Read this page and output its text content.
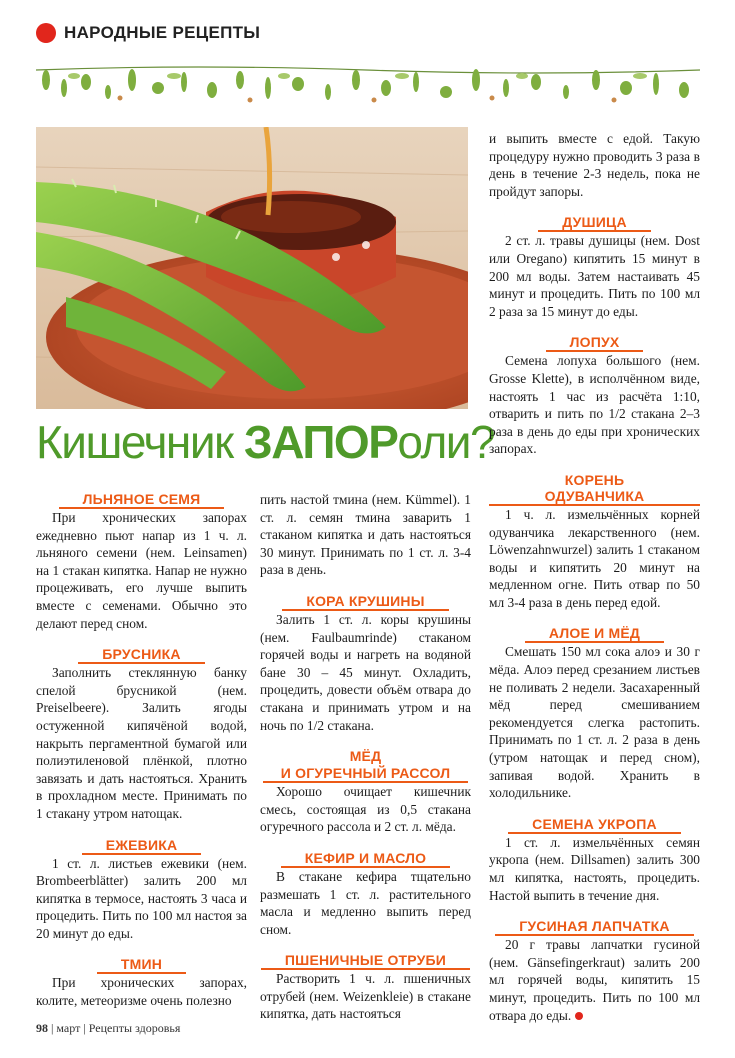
НАРОДНЫЕ РЕЦЕПТЫ
Кишечник ЗАПОРоли?
ЛЬНЯНОЕ СЕМЯ

При хронических запорах ежедневно пьют напар из 1 ч. л. льняного семени (нем. Leinsamen) на 1 стакан кипятка. Напар не нужно процеживать, его лучше выпить вместе с семенами. Обычно это делают перед сном.

БРУСНИКА

Заполнить стеклянную банку спелой брусникой (нем. Preiselbeere). Залить ягоды остуженной кипячёной водой, накрыть пергаментной бумагой или полиэтиленовой плёнкой, плотно завязать и дать настояться. Хранить в прохладном месте. Принимать по 1 стакану утром натощак.

ЕЖЕВИКА

1 ст. л. листьев ежевики (нем. Brombeerblätter) залить 200 мл кипятка в термосе, настоять 3 часа и процедить. Пить по 100 мл настоя за 20 минут до еды.

ТМИН

При хронических запорах, колите, метеоризме очень полезно

пить настой тмина (нем. Kümmel). 1 ст. л. семян тмина заварить 1 стаканом кипятка и дать настояться 30 минут. Принимать по 1 ст. л. 3-4 раза в день.

КОРА КРУШИНЫ

Залить 1 ст. л. коры крушины (нем. Faulbaumrinde) стаканом горячей воды и нагреть на водяной бане 30 – 45 минут. Охладить, процедить, довести объём отвара до стакана и принимать утром и на ночь по 1/2 стакана.

МЁД
И ОГУРЕЧНЫЙ РАССОЛ

Хорошо очищает кишечник смесь, состоящая из 0,5 стакана огуречного рассола и 2 ст. л. мёда.

КЕФИР И МАСЛО

В стакане кефира тщательно размешать 1 ст. л. растительного масла и медленно выпить перед сном.

ПШЕНИЧНЫЕ ОТРУБИ

Растворить 1 ч. л. пшеничных отрубей (нем. Weizenkleie) в стакане кипятка, дать настояться

и выпить вместе с едой. Такую процедуру нужно проводить 3 раза в день в течение 2-3 недель, пока не пройдут запоры.

ДУШИЦА

2 ст. л. травы душицы (нем. Dost или Oregano) кипятить 15 минут в 200 мл воды. Затем настаивать 45 минут и процедить. Пить по 100 мл 2 раза за 15 минут до еды.

ЛОПУХ

Семена лопуха большого (нем. Grosse Klette), в исполчённом виде, настоять 1 час из расчёта 1:10, отварить и пить по 1/2 стакана 2–3 раза в день до еды при хронических запорах.

КОРЕНЬ ОДУВАНЧИКА

1 ч. л. измельчённых корней одуванчика лекарственного (нем. Löwenzahnwurzel) залить 1 стаканом воды и кипятить 20 минут на медленном огне. Пить отвар по 50 мл 3-4 раза в день перед едой.

АЛОЕ И МЁД

Смешать 150 мл сока алоэ и 30 г мёда. Алоэ перед срезанием листьев не поливать 2 недели. Засахаренный мёд перед смешиванием рекомендуется слегка растопить. Принимать по 1 ст. л. 2 раза в день (утром натощак и перед сном), запивая водой. Хранить в холодильнике.

СЕМЕНА УКРОПА

1 ст. л. измельчённых семян укропа (нем. Dillsamen) залить 300 мл кипятка, настоять, процедить. Настой выпить в течение дня.

ГУСИНАЯ ЛАПЧАТКА

20 г травы лапчатки гусиной (нем. Gänsefingerkraut) залить 200 мл горячей воды, кипятить 15 минут, процедить. Пить по 100 мл отвара до еды.

98 | март | Рецепты здоровья
